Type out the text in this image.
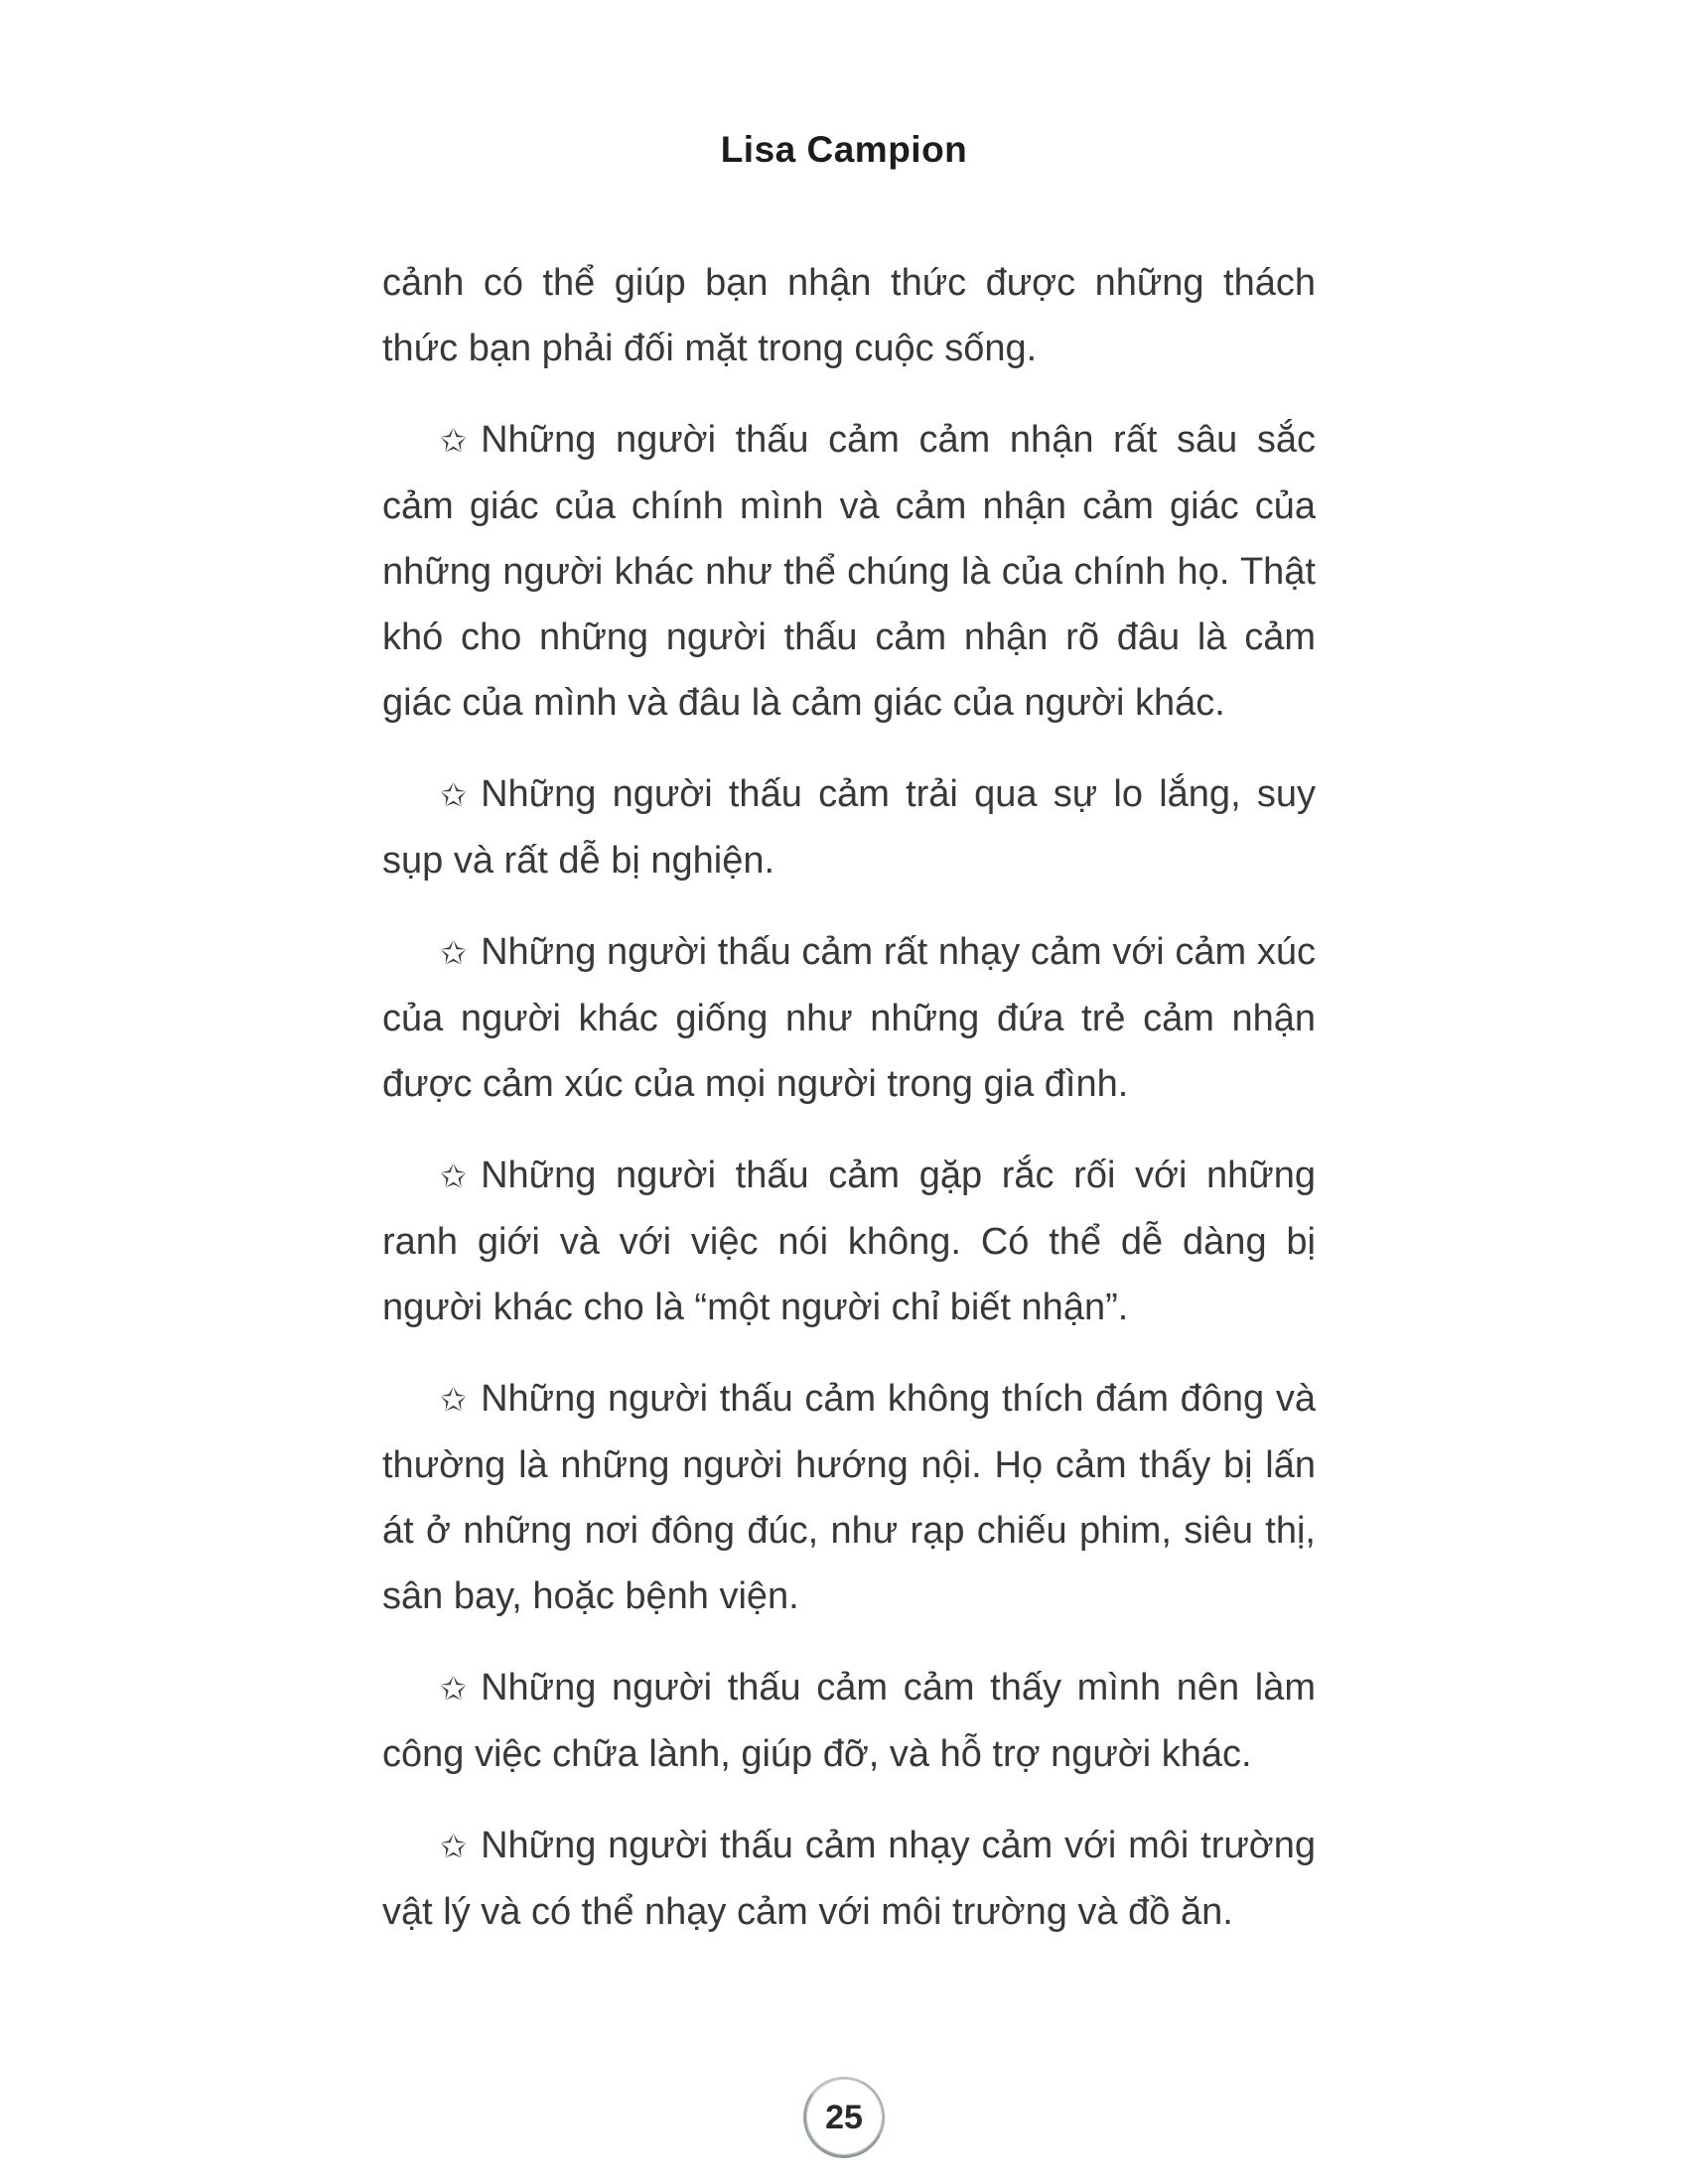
Lisa Campion

cảnh có thể giúp bạn nhận thức được những thách thức bạn phải đối mặt trong cuộc sống.

✩ Những người thấu cảm cảm nhận rất sâu sắc cảm giác của chính mình và cảm nhận cảm giác của những người khác như thể chúng là của chính họ. Thật khó cho những người thấu cảm nhận rõ đâu là cảm giác của mình và đâu là cảm giác của người khác.

✩ Những người thấu cảm trải qua sự lo lắng, suy sụp và rất dễ bị nghiện.

✩ Những người thấu cảm rất nhạy cảm với cảm xúc của người khác giống như những đứa trẻ cảm nhận được cảm xúc của mọi người trong gia đình.

✩ Những người thấu cảm gặp rắc rối với những ranh giới và với việc nói không. Có thể dễ dàng bị người khác cho là “một người chỉ biết nhận”.

✩ Những người thấu cảm không thích đám đông và thường là những người hướng nội. Họ cảm thấy bị lấn át ở những nơi đông đúc, như rạp chiếu phim, siêu thị, sân bay, hoặc bệnh viện.

✩ Những người thấu cảm cảm thấy mình nên làm công việc chữa lành, giúp đỡ, và hỗ trợ người khác.

✩ Những người thấu cảm nhạy cảm với môi trường vật lý và có thể nhạy cảm với môi trường và đồ ăn.

25
